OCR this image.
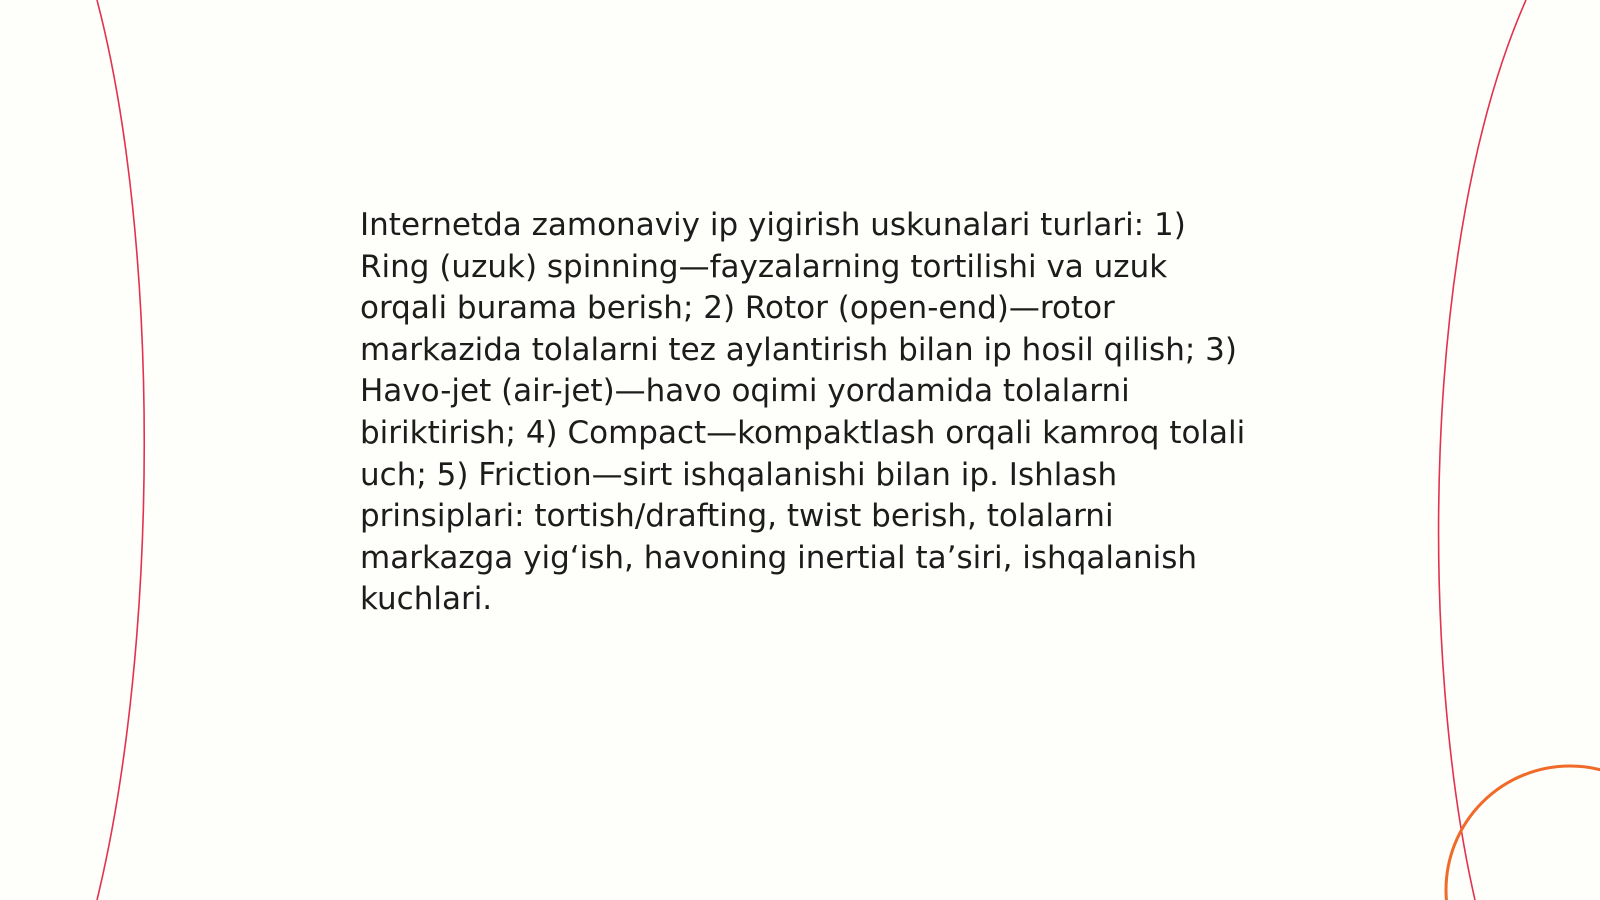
Internetda zamonaviy ip yigirish uskunalari turlari: 1) Ring (uzuk) spinning—fayzalarning tortilishi va uzuk orqali burama berish; 2) Rotor (open-end)—rotor markazida tolalarni tez aylantirish bilan ip hosil qilish; 3) Havo-jet (air-jet)—havo oqimi yordamida tolalarni biriktirish; 4) Compact—kompaktlash orqali kamroq tolali uch; 5) Friction—sirt ishqalanishi bilan ip. Ishlash prinsiplari: tortish/drafting, twist berish, tolalarni markazga yig‘ish, havoning inertial ta’siri, ishqalanish kuchlari.
